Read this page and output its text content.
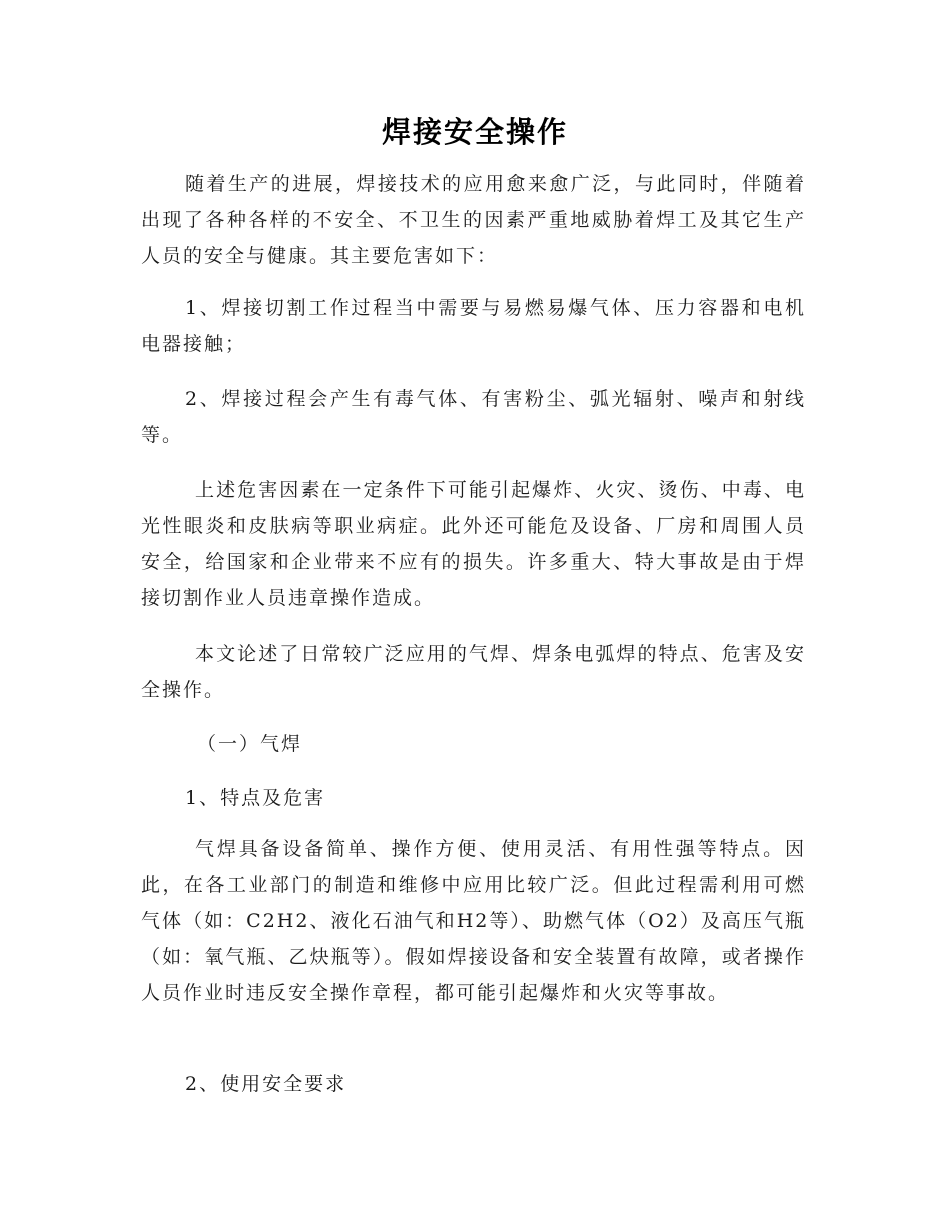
焊接安全操作

随着生产的进展，焊接技术的应用愈来愈广泛，与此同时，伴随着出现了各种各样的不安全、不卫生的因素严重地威胁着焊工及其它生产人员的安全与健康。其主要危害如下：

1、焊接切割工作过程当中需要与易燃易爆气体、压力容器和电机电器接触；

2、焊接过程会产生有毒气体、有害粉尘、弧光辐射、噪声和射线等。

上述危害因素在一定条件下可能引起爆炸、火灾、烫伤、中毒、电光性眼炎和皮肤病等职业病症。此外还可能危及设备、厂房和周围人员安全，给国家和企业带来不应有的损失。许多重大、特大事故是由于焊接切割作业人员违章操作造成。

本文论述了日常较广泛应用的气焊、焊条电弧焊的特点、危害及安全操作。

（一）气焊

1、特点及危害

气焊具备设备简单、操作方便、使用灵活、有用性强等特点。因此，在各工业部门的制造和维修中应用比较广泛。但此过程需利用可燃气体（如：C2H2、液化石油气和H2等）、助燃气体（O2）及高压气瓶（如：氧气瓶、乙炔瓶等）。假如焊接设备和安全装置有故障，或者操作人员作业时违反安全操作章程，都可能引起爆炸和火灾等事故。

2、使用安全要求
